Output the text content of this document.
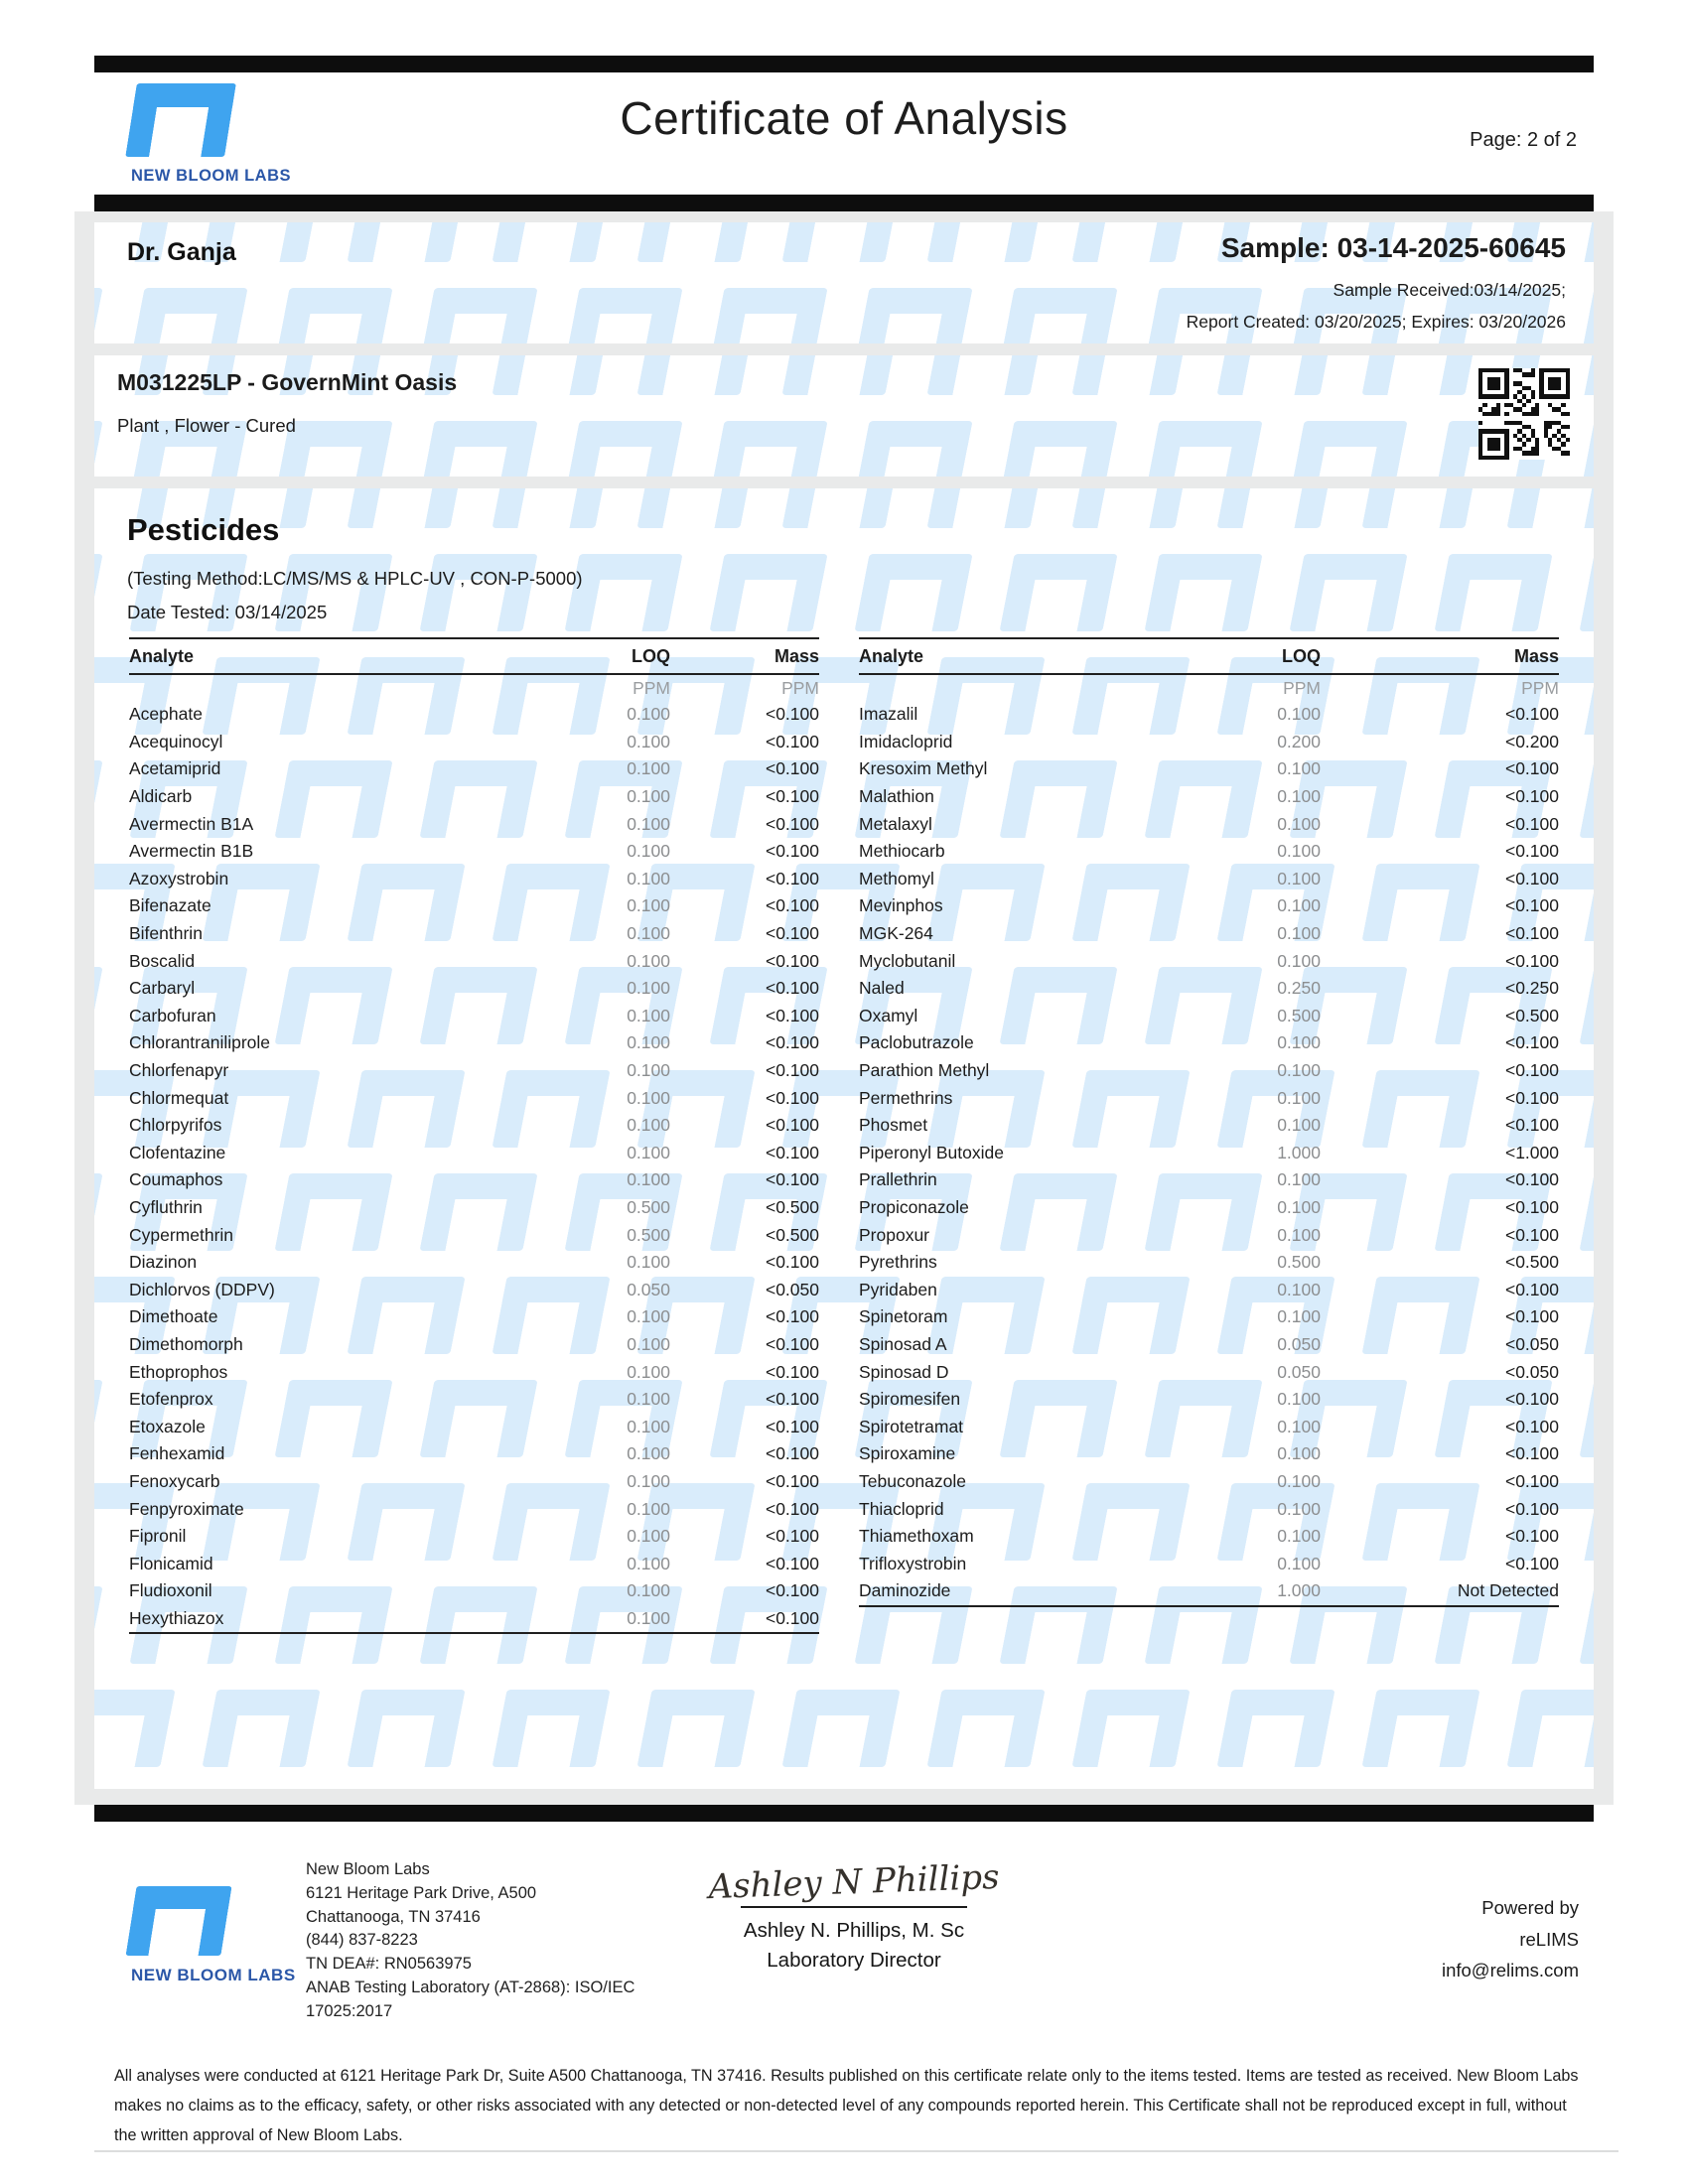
NEW BLOOM LABS
Certificate of Analysis	Page: 2 of 2
Dr. Ganja	Sample: 03-14-2025-60645
Sample Received:03/14/2025;
Report Created: 03/20/2025; Expires: 03/20/2026
M031225LP - GovernMint Oasis
Plant , Flower - Cured
Pesticides
(Testing Method:LC/MS/MS & HPLC-UV , CON-P-5000)
Date Tested: 03/14/2025
Analyte	LOQ	Mass
PPM	PPM
Acephate	0.100	<0.100
Acequinocyl	0.100	<0.100
Acetamiprid	0.100	<0.100
Aldicarb	0.100	<0.100
Avermectin B1A	0.100	<0.100
Avermectin B1B	0.100	<0.100
Azoxystrobin	0.100	<0.100
Bifenazate	0.100	<0.100
Bifenthrin	0.100	<0.100
Boscalid	0.100	<0.100
Carbaryl	0.100	<0.100
Carbofuran	0.100	<0.100
Chlorantraniliprole	0.100	<0.100
Chlorfenapyr	0.100	<0.100
Chlormequat	0.100	<0.100
Chlorpyrifos	0.100	<0.100
Clofentazine	0.100	<0.100
Coumaphos	0.100	<0.100
Cyfluthrin	0.500	<0.500
Cypermethrin	0.500	<0.500
Diazinon	0.100	<0.100
Dichlorvos (DDPV)	0.050	<0.050
Dimethoate	0.100	<0.100
Dimethomorph	0.100	<0.100
Ethoprophos	0.100	<0.100
Etofenprox	0.100	<0.100
Etoxazole	0.100	<0.100
Fenhexamid	0.100	<0.100
Fenoxycarb	0.100	<0.100
Fenpyroximate	0.100	<0.100
Fipronil	0.100	<0.100
Flonicamid	0.100	<0.100
Fludioxonil	0.100	<0.100
Hexythiazox	0.100	<0.100
Analyte	LOQ	Mass
PPM	PPM
Imazalil	0.100	<0.100
Imidacloprid	0.200	<0.200
Kresoxim Methyl	0.100	<0.100
Malathion	0.100	<0.100
Metalaxyl	0.100	<0.100
Methiocarb	0.100	<0.100
Methomyl	0.100	<0.100
Mevinphos	0.100	<0.100
MGK-264	0.100	<0.100
Myclobutanil	0.100	<0.100
Naled	0.250	<0.250
Oxamyl	0.500	<0.500
Paclobutrazole	0.100	<0.100
Parathion Methyl	0.100	<0.100
Permethrins	0.100	<0.100
Phosmet	0.100	<0.100
Piperonyl Butoxide	1.000	<1.000
Prallethrin	0.100	<0.100
Propiconazole	0.100	<0.100
Propoxur	0.100	<0.100
Pyrethrins	0.500	<0.500
Pyridaben	0.100	<0.100
Spinetoram	0.100	<0.100
Spinosad A	0.050	<0.050
Spinosad D	0.050	<0.050
Spiromesifen	0.100	<0.100
Spirotetramat	0.100	<0.100
Spiroxamine	0.100	<0.100
Tebuconazole	0.100	<0.100
Thiacloprid	0.100	<0.100
Thiamethoxam	0.100	<0.100
Trifloxystrobin	0.100	<0.100
Daminozide	1.000	Not Detected
NEW BLOOM LABS
New Bloom Labs
6121 Heritage Park Drive, A500
Chattanooga, TN 37416
(844) 837-8223
TN DEA#: RN0563975
ANAB Testing Laboratory (AT-2868): ISO/IEC
17025:2017
Ashley N Phillips
Ashley N. Phillips, M. Sc
Laboratory Director
Powered by
reLIMS
info@relims.com

All analyses were conducted at 6121 Heritage Park Dr, Suite A500 Chattanooga, TN 37416. Results published on this certificate relate only to the items tested. Items are tested as received. New Bloom Labs makes no claims as to the efficacy, safety, or other risks associated with any detected or non-detected level of any compounds reported herein. This Certificate shall not be reproduced except in full, without the written approval of New Bloom Labs.
